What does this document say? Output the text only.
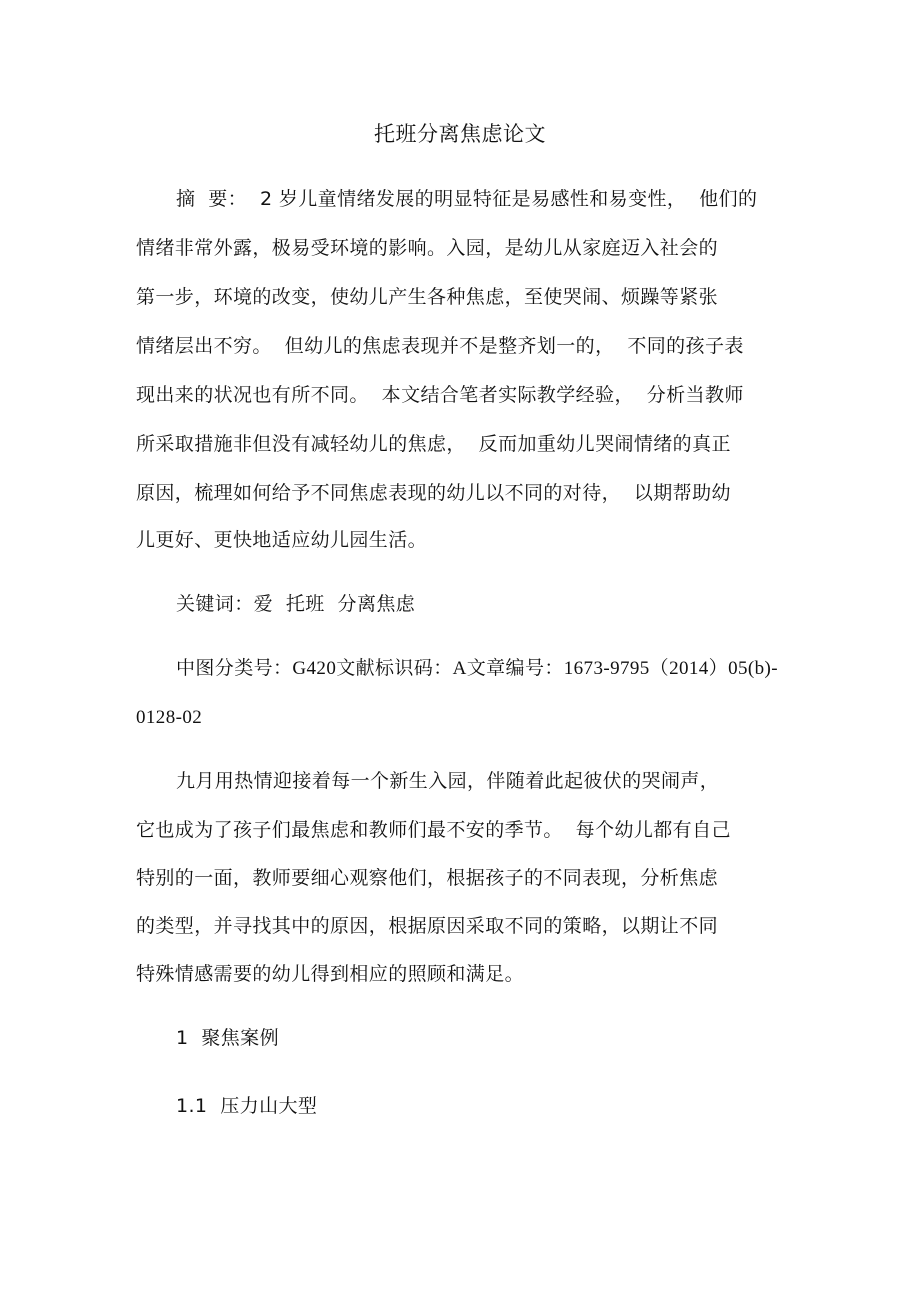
托班分离焦虑论文
摘  要：  2 岁儿童情绪发展的明显特征是易感性和易变性，  他们的
情绪非常外露，极易受环境的影响。入园，是幼儿从家庭迈入社会的
第一步，环境的改变，使幼儿产生各种焦虑，至使哭闹、烦躁等紧张
情绪层出不穷。  但幼儿的焦虑表现并不是整齐划一的，  不同的孩子表
现出来的状况也有所不同。  本文结合笔者实际教学经验，  分析当教师
所采取措施非但没有减轻幼儿的焦虑，  反而加重幼儿哭闹情绪的真正
原因，梳理如何给予不同焦虑表现的幼儿以不同的对待，  以期帮助幼
儿更好、更快地适应幼儿园生活。
关键词：爱  托班  分离焦虑
中图分类号：G420文献标识码：A文章编号：1673-9795（2014）05(b)-
0128-02
九月用热情迎接着每一个新生入园，伴随着此起彼伏的哭闹声，
它也成为了孩子们最焦虑和教师们最不安的季节。  每个幼儿都有自己
特别的一面，教师要细心观察他们，根据孩子的不同表现，分析焦虑
的类型，并寻找其中的原因，根据原因采取不同的策略，以期让不同
特殊情感需要的幼儿得到相应的照顾和满足。
1  聚焦案例
1.1  压力山大型
